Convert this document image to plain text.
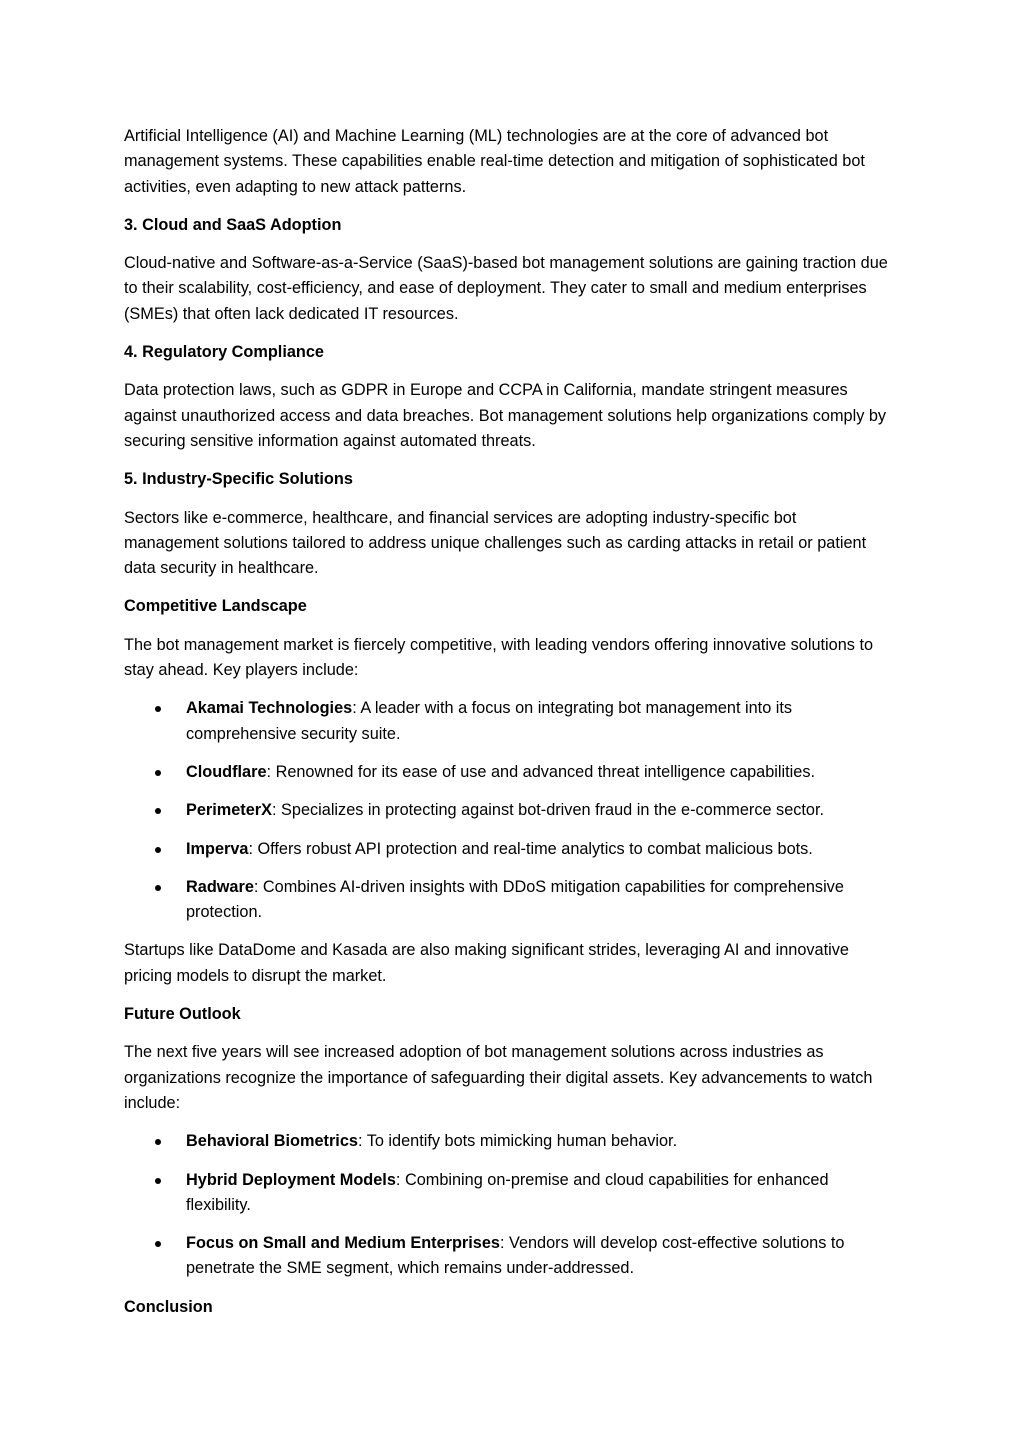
Artificial Intelligence (AI) and Machine Learning (ML) technologies are at the core of advanced bot management systems. These capabilities enable real-time detection and mitigation of sophisticated bot activities, even adapting to new attack patterns.

3. Cloud and SaaS Adoption

Cloud-native and Software-as-a-Service (SaaS)-based bot management solutions are gaining traction due to their scalability, cost-efficiency, and ease of deployment. They cater to small and medium enterprises (SMEs) that often lack dedicated IT resources.

4. Regulatory Compliance

Data protection laws, such as GDPR in Europe and CCPA in California, mandate stringent measures against unauthorized access and data breaches. Bot management solutions help organizations comply by securing sensitive information against automated threats.

5. Industry-Specific Solutions

Sectors like e-commerce, healthcare, and financial services are adopting industry-specific bot management solutions tailored to address unique challenges such as carding attacks in retail or patient data security in healthcare.

Competitive Landscape

The bot management market is fiercely competitive, with leading vendors offering innovative solutions to stay ahead. Key players include:

Akamai Technologies: A leader with a focus on integrating bot management into its comprehensive security suite.
Cloudflare: Renowned for its ease of use and advanced threat intelligence capabilities.
PerimeterX: Specializes in protecting against bot-driven fraud in the e-commerce sector.
Imperva: Offers robust API protection and real-time analytics to combat malicious bots.
Radware: Combines AI-driven insights with DDoS mitigation capabilities for comprehensive protection.

Startups like DataDome and Kasada are also making significant strides, leveraging AI and innovative pricing models to disrupt the market.

Future Outlook

The next five years will see increased adoption of bot management solutions across industries as organizations recognize the importance of safeguarding their digital assets. Key advancements to watch include:

Behavioral Biometrics: To identify bots mimicking human behavior.
Hybrid Deployment Models: Combining on-premise and cloud capabilities for enhanced flexibility.
Focus on Small and Medium Enterprises: Vendors will develop cost-effective solutions to penetrate the SME segment, which remains under-addressed.
Conclusion
